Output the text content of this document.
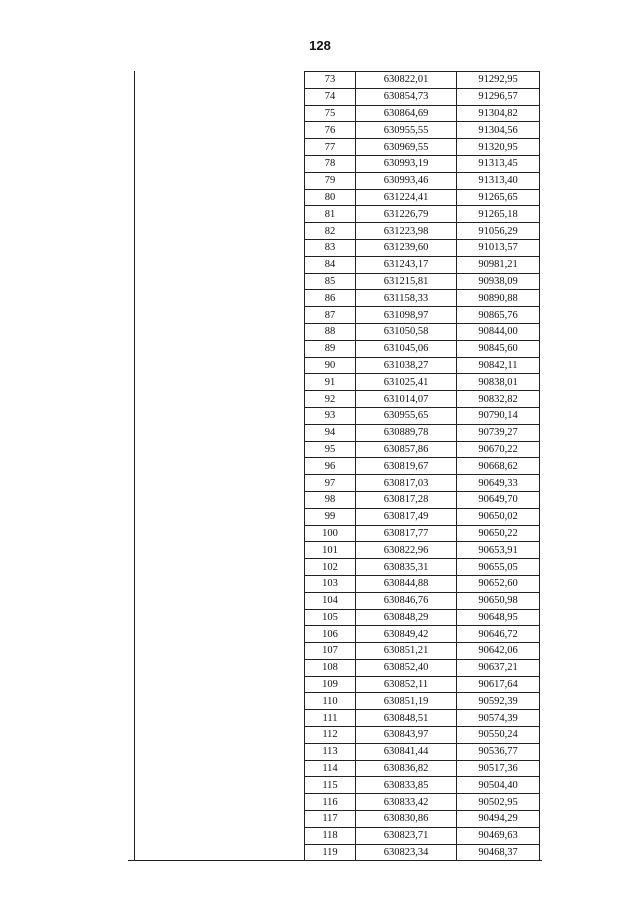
128
73	630822,01	91292,95
74	630854,73	91296,57
75	630864,69	91304,82
76	630955,55	91304,56
77	630969,55	91320,95
78	630993,19	91313,45
79	630993,46	91313,40
80	631224,41	91265,65
81	631226,79	91265,18
82	631223,98	91056,29
83	631239,60	91013,57
84	631243,17	90981,21
85	631215,81	90938,09
86	631158,33	90890,88
87	631098,97	90865,76
88	631050,58	90844,00
89	631045,06	90845,60
90	631038,27	90842,11
91	631025,41	90838,01
92	631014,07	90832,82
93	630955,65	90790,14
94	630889,78	90739,27
95	630857,86	90670,22
96	630819,67	90668,62
97	630817,03	90649,33
98	630817,28	90649,70
99	630817,49	90650,02
100	630817,77	90650,22
101	630822,96	90653,91
102	630835,31	90655,05
103	630844,88	90652,60
104	630846,76	90650,98
105	630848,29	90648,95
106	630849,42	90646,72
107	630851,21	90642,06
108	630852,40	90637,21
109	630852,11	90617,64
110	630851,19	90592,39
111	630848,51	90574,39
112	630843,97	90550,24
113	630841,44	90536,77
114	630836,82	90517,36
115	630833,85	90504,40
116	630833,42	90502,95
117	630830,86	90494,29
118	630823,71	90469,63
119	630823,34	90468,37
